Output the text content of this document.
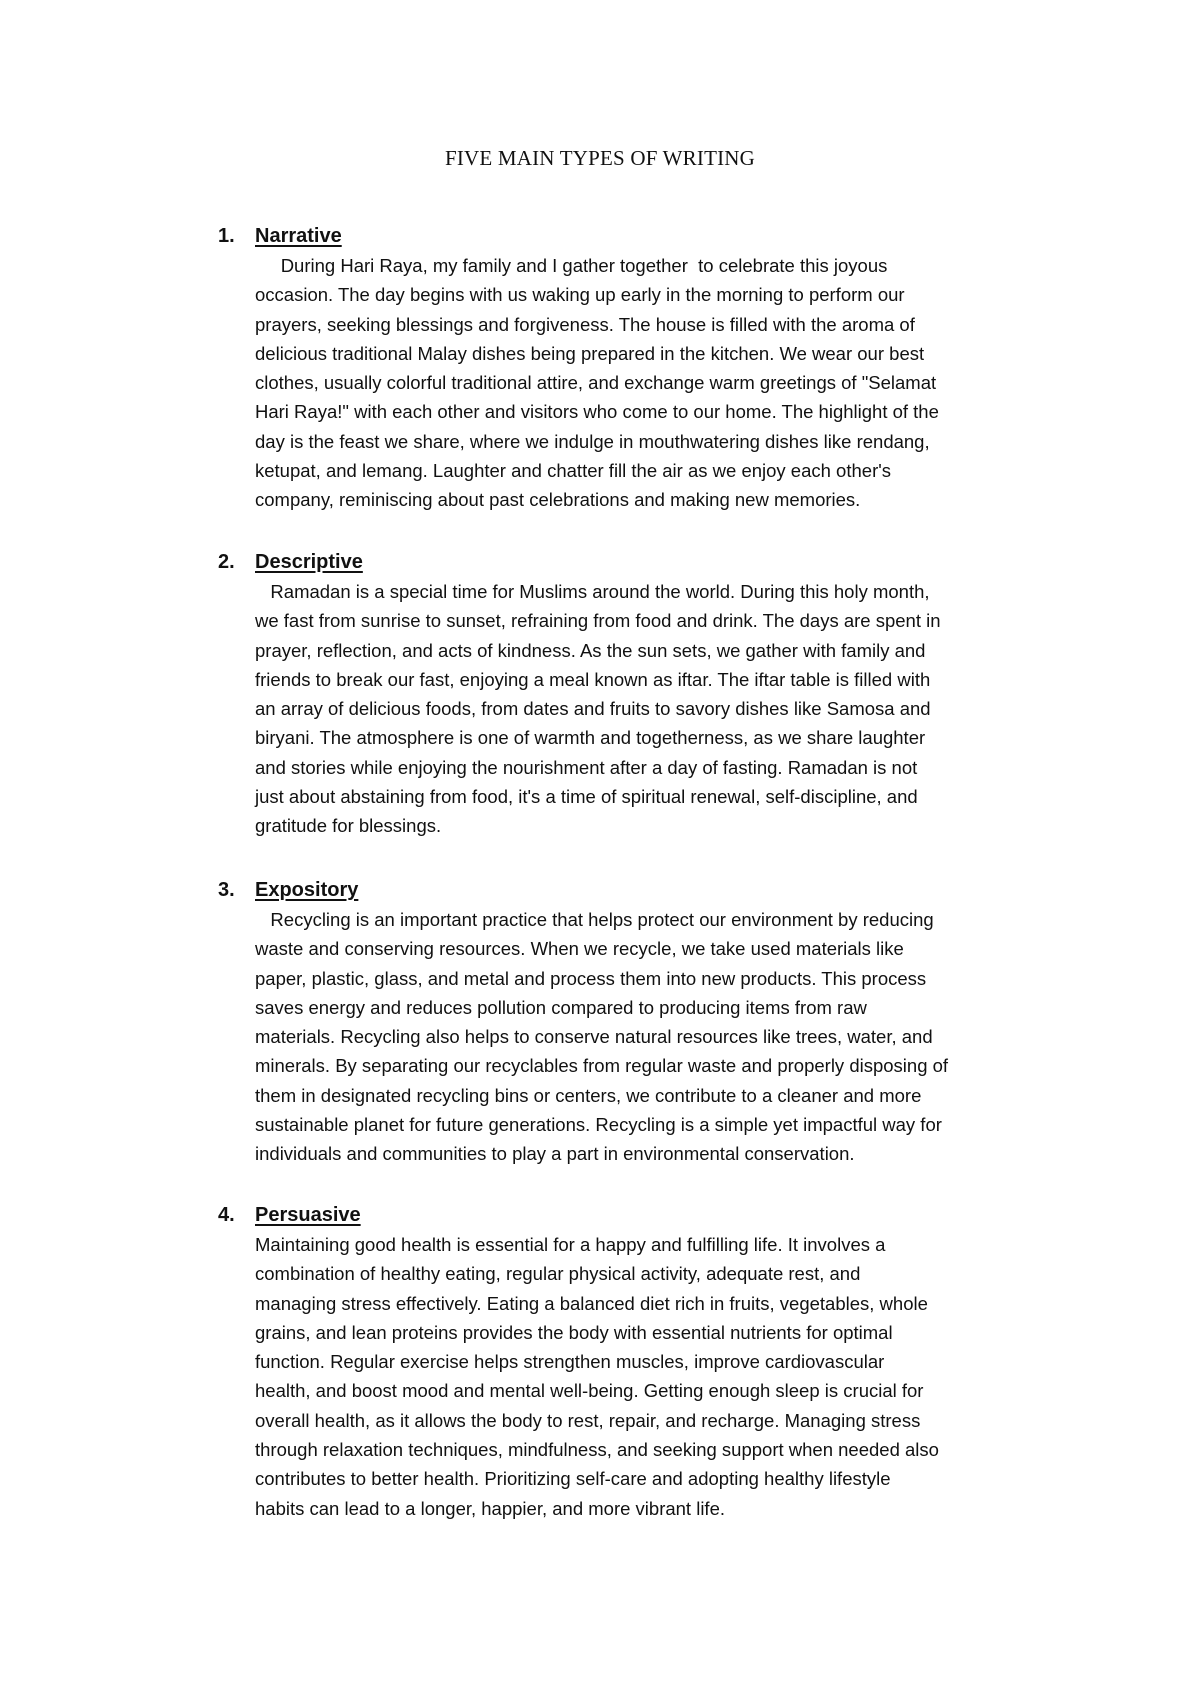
FIVE MAIN TYPES OF WRITING
1. Narrative

During Hari Raya, my family and I gather together  to celebrate this joyous
occasion. The day begins with us waking up early in the morning to perform our
prayers, seeking blessings and forgiveness. The house is filled with the aroma of
delicious traditional Malay dishes being prepared in the kitchen. We wear our best
clothes, usually colorful traditional attire, and exchange warm greetings of "Selamat
Hari Raya!" with each other and visitors who come to our home. The highlight of the
day is the feast we share, where we indulge in mouthwatering dishes like rendang,
ketupat, and lemang. Laughter and chatter fill the air as we enjoy each other's
company, reminiscing about past celebrations and making new memories.

2. Descriptive

Ramadan is a special time for Muslims around the world. During this holy month,
we fast from sunrise to sunset, refraining from food and drink. The days are spent in
prayer, reflection, and acts of kindness. As the sun sets, we gather with family and
friends to break our fast, enjoying a meal known as iftar. The iftar table is filled with
an array of delicious foods, from dates and fruits to savory dishes like Samosa and
biryani. The atmosphere is one of warmth and togetherness, as we share laughter
and stories while enjoying the nourishment after a day of fasting. Ramadan is not
just about abstaining from food, it's a time of spiritual renewal, self-discipline, and
gratitude for blessings.

3. Expository

Recycling is an important practice that helps protect our environment by reducing
waste and conserving resources. When we recycle, we take used materials like
paper, plastic, glass, and metal and process them into new products. This process
saves energy and reduces pollution compared to producing items from raw
materials. Recycling also helps to conserve natural resources like trees, water, and
minerals. By separating our recyclables from regular waste and properly disposing of
them in designated recycling bins or centers, we contribute to a cleaner and more
sustainable planet for future generations. Recycling is a simple yet impactful way for
individuals and communities to play a part in environmental conservation.

4. Persuasive

Maintaining good health is essential for a happy and fulfilling life. It involves a
combination of healthy eating, regular physical activity, adequate rest, and
managing stress effectively. Eating a balanced diet rich in fruits, vegetables, whole
grains, and lean proteins provides the body with essential nutrients for optimal
function. Regular exercise helps strengthen muscles, improve cardiovascular
health, and boost mood and mental well-being. Getting enough sleep is crucial for
overall health, as it allows the body to rest, repair, and recharge. Managing stress
through relaxation techniques, mindfulness, and seeking support when needed also
contributes to better health. Prioritizing self-care and adopting healthy lifestyle
habits can lead to a longer, happier, and more vibrant life.
